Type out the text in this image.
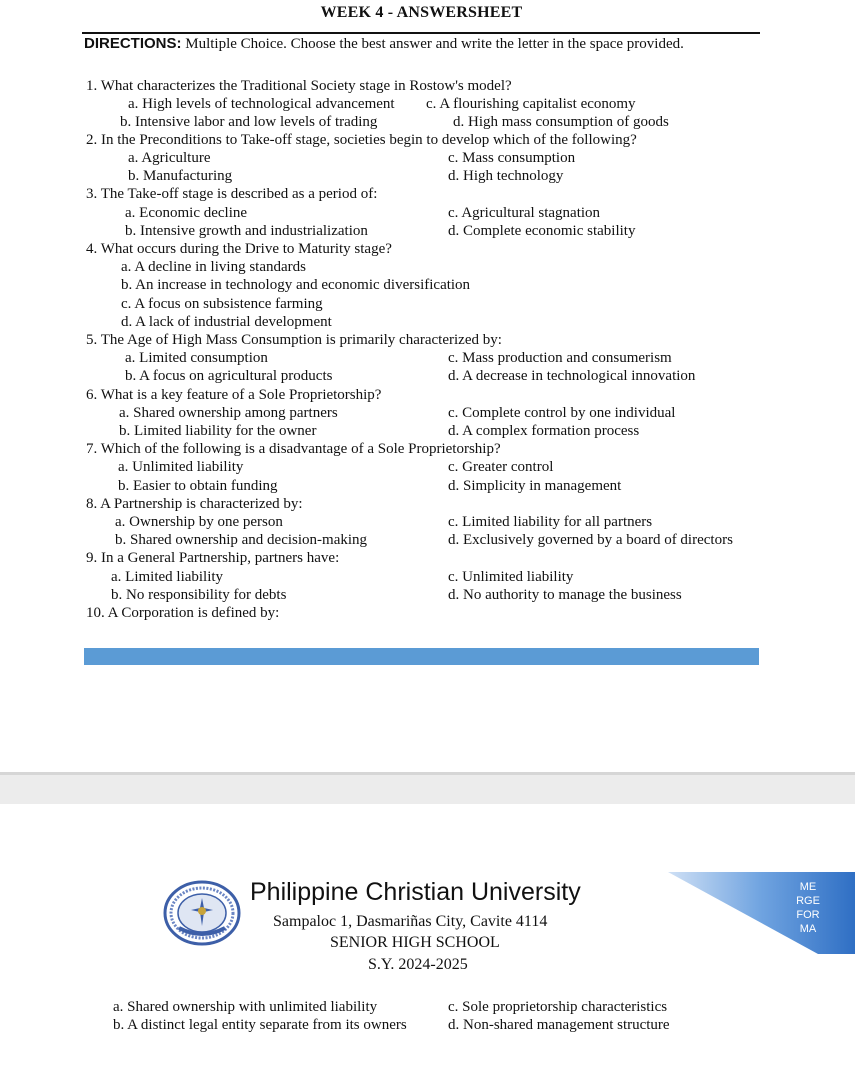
WEEK 4 - ANSWERSHEET
DIRECTIONS: Multiple Choice. Choose the best answer and write the letter in the space provided.
1. What characterizes the Traditional Society stage in Rostow's model?
a. High levels of technological advancement c. A flourishing capitalist economy
b. Intensive labor and low levels of trading	d. High mass consumption of goods
2. In the Preconditions to Take-off stage, societies begin to develop which of the following?
a. Agriculture	c. Mass consumption
b. Manufacturing	d. High technology
3. The Take-off stage is described as a period of:
a. Economic decline	c. Agricultural stagnation
b. Intensive growth and industrialization	d. Complete economic stability
4. What occurs during the Drive to Maturity stage?
a. A decline in living standards
b. An increase in technology and economic diversification
c. A focus on subsistence farming
d. A lack of industrial development
5. The Age of High Mass Consumption is primarily characterized by:
a. Limited consumption	c. Mass production and consumerism
b. A focus on agricultural products	d. A decrease in technological innovation
6. What is a key feature of a Sole Proprietorship?
a. Shared ownership among partners	c. Complete control by one individual
b. Limited liability for the owner	d. A complex formation process
7. Which of the following is a disadvantage of a Sole Proprietorship?
a. Unlimited liability	c. Greater control
b. Easier to obtain funding	d. Simplicity in management
8. A Partnership is characterized by:
a. Ownership by one person	c. Limited liability for all partners
b. Shared ownership and decision-making	d. Exclusively governed by a board of directors
9. In a General Partnership, partners have:
a. Limited liability	c. Unlimited liability
b. No responsibility for debts	d. No authority to manage the business
10. A Corporation is defined by:
Philippine Christian University
Sampaloc 1, Dasmariñas City, Cavite 4114
SENIOR HIGH SCHOOL
S.Y. 2024-2025
ME
RGE
FOR
MA
a. Shared ownership with unlimited liability	c. Sole proprietorship characteristics
b. A distinct legal entity separate from its owners	d. Non-shared management structure
